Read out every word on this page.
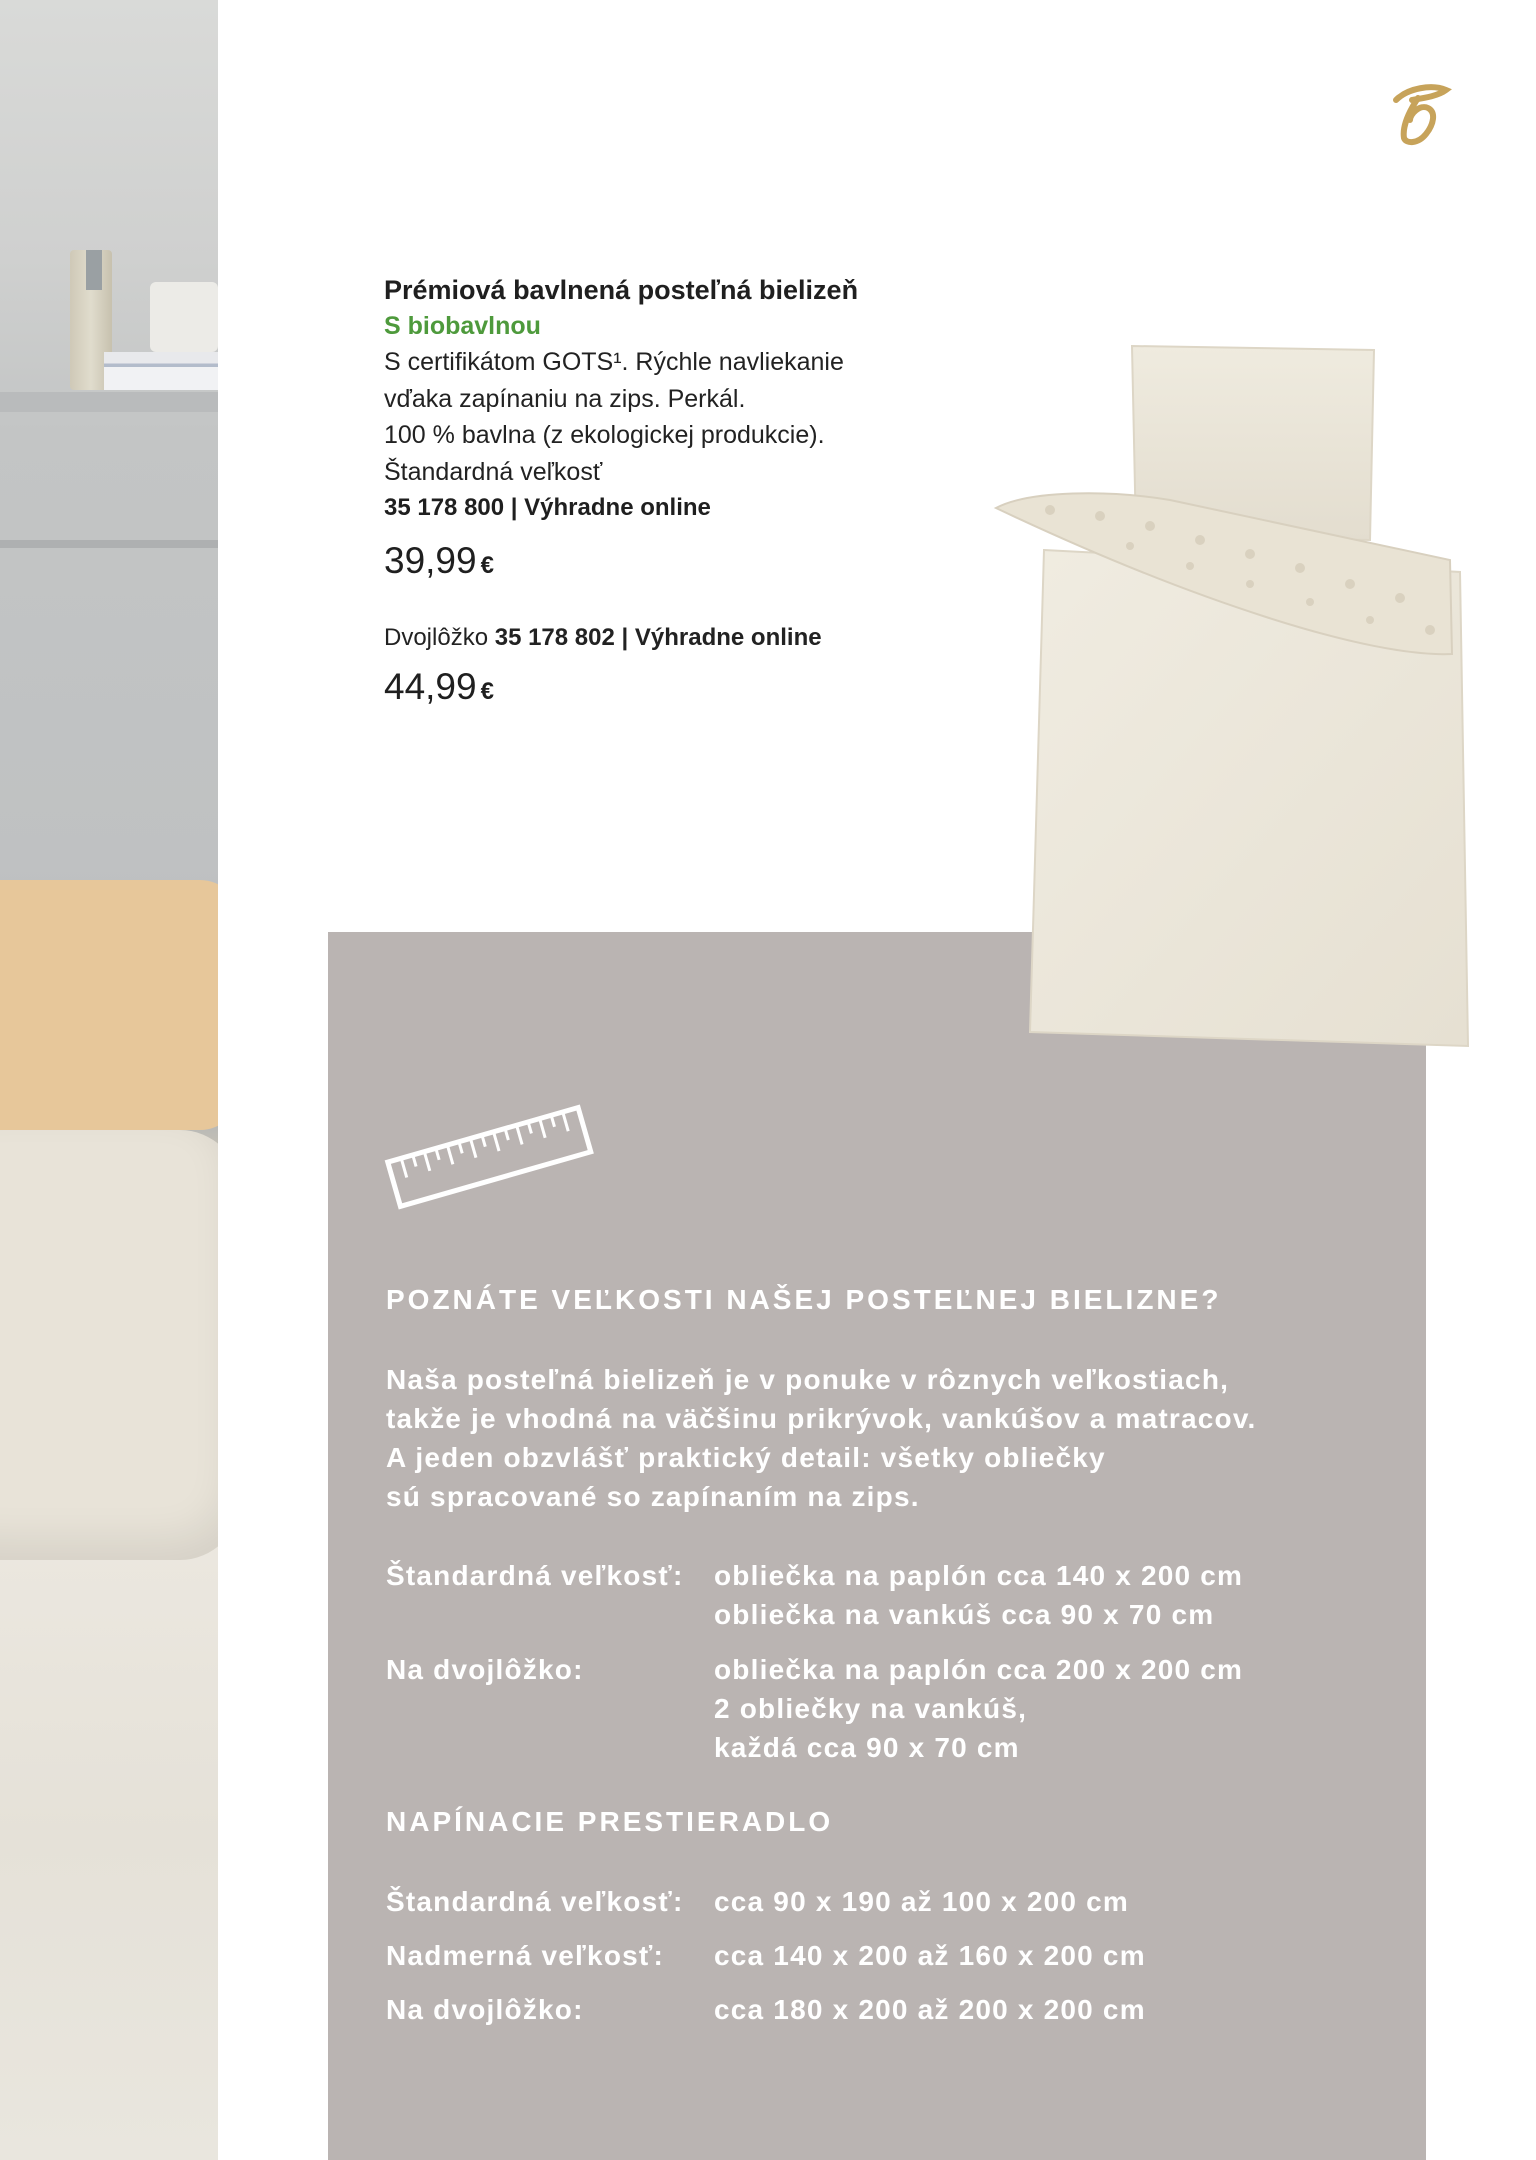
Prémiová bavlnená posteľná bielizeň
S biobavlnou
S certifikátom GOTS¹. Rýchle navliekanie
vďaka zapínaniu na zips. Perkál.
100 % bavlna (z ekologickej produkcie).
Štandardná veľkosť
35 178 800 | Výhradne online
39,99 €
Dvojlôžko 35 178 802 | Výhradne online
44,99 €
POZNÁTE VEĽKOSTI NAŠEJ POSTEĽNEJ BIELIZNE?
Naša posteľná bielizeň je v ponuke v rôznych veľkostiach,
takže je vhodná na väčšinu prikrývok, vankúšov a matracov.
A jeden obzvlášť praktický detail: všetky obliečky
sú spracované so zapínaním na zips.
Štandardná veľkosť: obliečka na paplón cca 140 x 200 cm
obliečka na vankúš cca 90 x 70 cm
Na dvojlôžko:	obliečka na paplón cca 200 x 200 cm
2 obliečky na vankúš,
každá cca 90 x 70 cm
NAPÍNACIE PRESTIERADLO
Štandardná veľkosť: cca 90 x 190 až 100 x 200 cm
Nadmerná veľkosť: cca 140 x 200 až 160 x 200 cm
Na dvojlôžko:	cca 180 x 200 až 200 x 200 cm
